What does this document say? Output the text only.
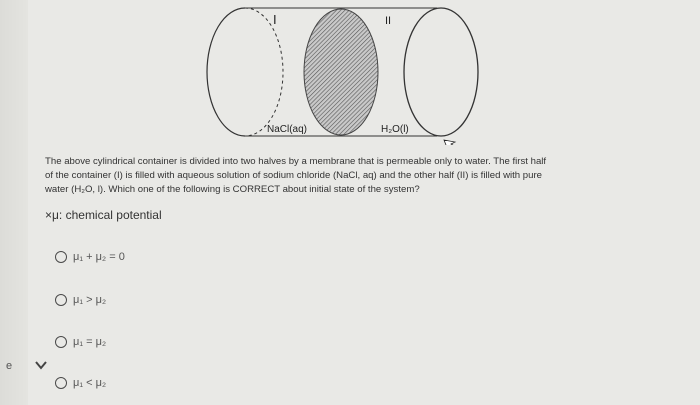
e
I	II
NaCl(aq)	H₂O(l)
The above cylindrical container is divided into two halves by a membrane that is permeable only to water. The first half
of the container (I) is filled with aqueous solution of sodium chloride (NaCl, aq) and the other half (II) is filled with pure
water (H₂O, l). Which one of the following is CORRECT about initial state of the system?
×μ: chemical potential
μ₁ + μ₂ = 0
μ₁ > μ₂
μ₁ = μ₂
μ₁ < μ₂
